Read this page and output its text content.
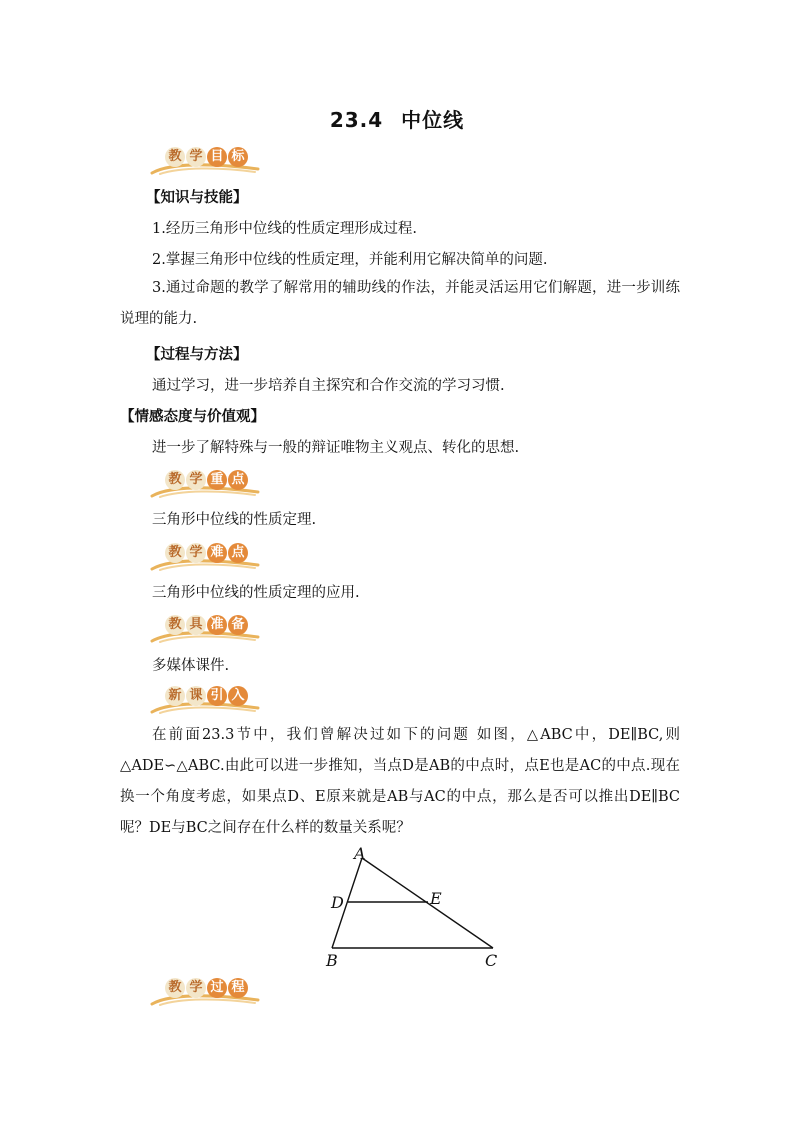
23.4 中位线
教 学 目 标
【知识与技能】
1.经历三角形中位线的性质定理形成过程.
2.掌握三角形中位线的性质定理，并能利用它解决简单的问题.
3.通过命题的教学了解常用的辅助线的作法，并能灵活运用它们解题，进一步训练说理的能力.
【过程与方法】
通过学习，进一步培养自主探究和合作交流的学习习惯.
【情感态度与价值观】
进一步了解特殊与一般的辩证唯物主义观点、转化的思想.
教 学 重 点
三角形中位线的性质定理.
教 学 难 点
三角形中位线的性质定理的应用.
教 具 准 备
多媒体课件.
新 课 引 入
在前面23.3节中，我们曾解决过如下的问题 如图，△ABC中，DE∥BC,则△ADE∽△ABC.由此可以进一步推知，当点D是AB的中点时，点E也是AC的中点.现在换一个角度考虑，如果点D、E原来就是AB与AC的中点，那么是否可以推出DE∥BC呢？DE与BC之间存在什么样的数量关系呢？
A
D	E
B	C
教 学 过 程
